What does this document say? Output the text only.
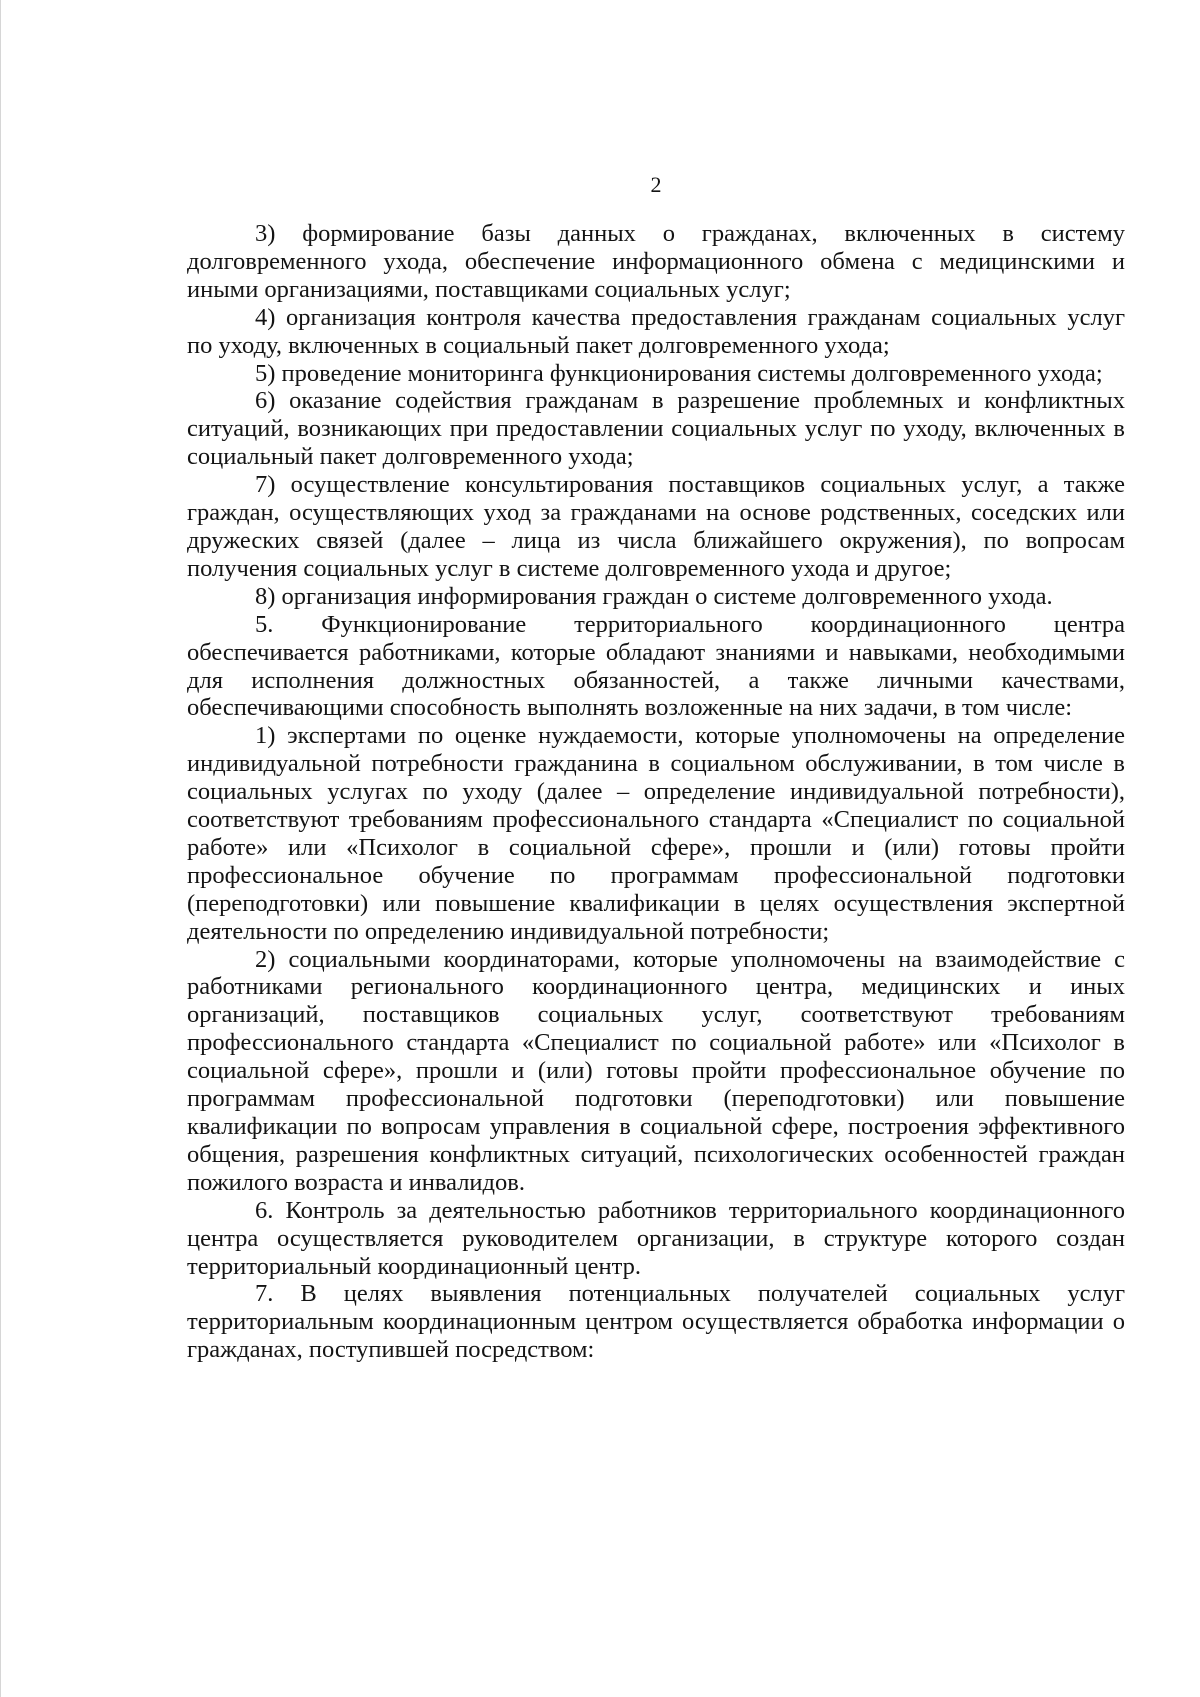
2

3) формирование базы данных о гражданах, включенных в систему долговременного ухода, обеспечение информационного обмена с медицинскими и иными организациями, поставщиками социальных услуг;

4) организация контроля качества предоставления гражданам социальных услуг по уходу, включенных в социальный пакет долговременного ухода;

5) проведение мониторинга функционирования системы долговременного ухода;

6) оказание содействия гражданам в разрешение проблемных и конфликтных ситуаций, возникающих при предоставлении социальных услуг по уходу, включенных в социальный пакет долговременного ухода;

7) осуществление консультирования поставщиков социальных услуг, а также граждан, осуществляющих уход за гражданами на основе родственных, соседских или дружеских связей (далее – лица из числа ближайшего окружения), по вопросам получения социальных услуг в системе долговременного ухода и другое;

8) организация информирования граждан о системе долговременного ухода.

5. Функционирование территориального координационного центра обеспечивается работниками, которые обладают знаниями и навыками, необходимыми для исполнения должностных обязанностей, а также личными качествами, обеспечивающими способность выполнять возложенные на них задачи, в том числе:

1) экспертами по оценке нуждаемости, которые уполномочены на определение индивидуальной потребности гражданина в социальном обслуживании, в том числе в социальных услугах по уходу (далее – определение индивидуальной потребности), соответствуют требованиям профессионального стандарта «Специалист по социальной работе» или «Психолог в социальной сфере», прошли и (или) готовы пройти профессиональное обучение по программам профессиональной подготовки (переподготовки) или повышение квалификации в целях осуществления экспертной деятельности по определению индивидуальной потребности;

2) социальными координаторами, которые уполномочены на взаимодействие с работниками регионального координационного центра, медицинских и иных организаций, поставщиков социальных услуг, соответствуют требованиям профессионального стандарта «Специалист по социальной работе» или «Психолог в социальной сфере», прошли и (или) готовы пройти профессиональное обучение по программам профессиональной подготовки (переподготовки) или повышение квалификации по вопросам управления в социальной сфере, построения эффективного общения, разрешения конфликтных ситуаций, психологических особенностей граждан пожилого возраста и инвалидов.

6. Контроль за деятельностью работников территориального координационного центра осуществляется руководителем организации, в структуре которого создан территориальный координационный центр.

7. В целях выявления потенциальных получателей социальных услуг территориальным координационным центром осуществляется обработка информации о гражданах, поступившей посредством:
